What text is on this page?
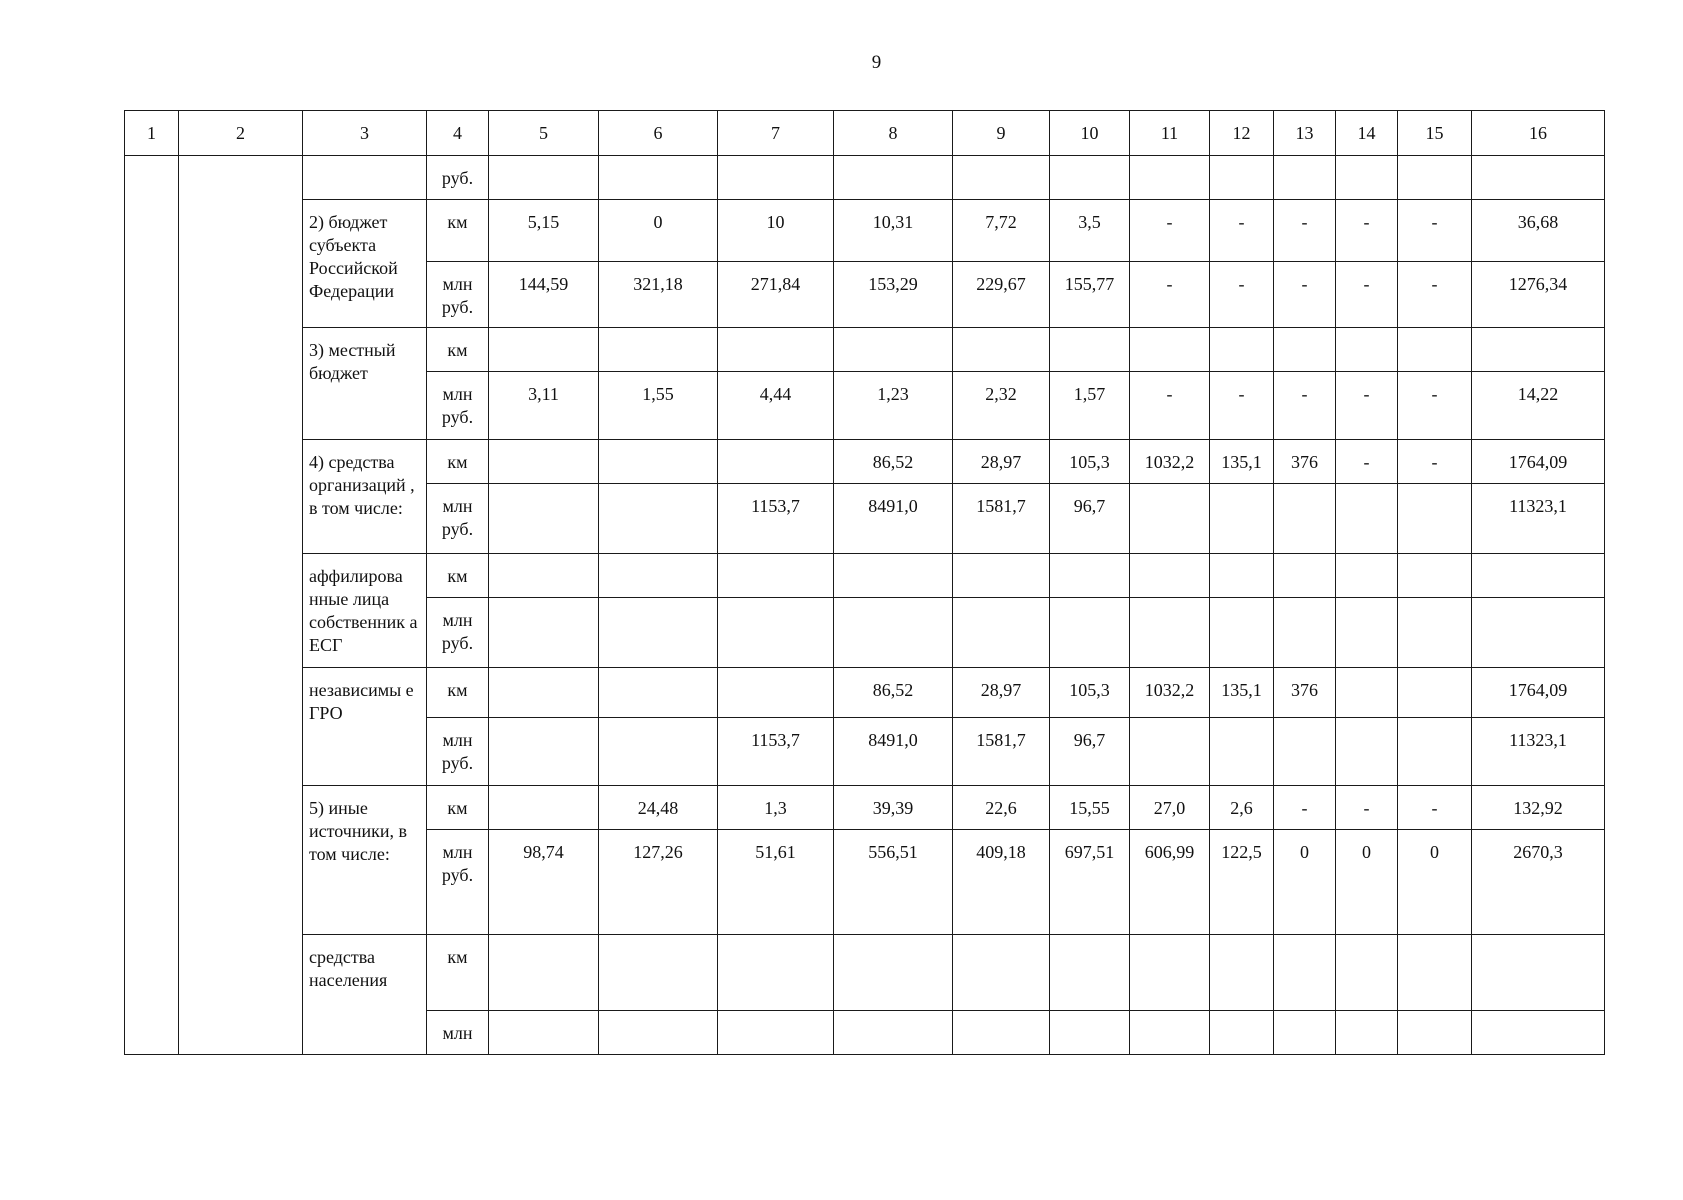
9
1	2	3	4	5	6	7	8	9	10	11	12	13	14	15	16
			руб.												
		2) бюджет субъекта Российской Федерации	км	5,15	0	10	10,31	7,72	3,5	-	-	-	-	-	36,68
			млн руб.	144,59	321,18	271,84	153,29	229,67	155,77	-	-	-	-	-	1276,34
		3) местный бюджет	км												
			млн руб.	3,11	1,55	4,44	1,23	2,32	1,57	-	-	-	-	-	14,22
		4) средства организаций , в том числе:	км				86,52	28,97	105,3	1032,2	135,1	376	-	-	1764,09
			млн руб.			1153,7	8491,0	1581,7	96,7						11323,1
		аффилирова нные лица собственник а ЕСГ	км												
			млн руб.												
		независимы е ГРО	км				86,52	28,97	105,3	1032,2	135,1	376			1764,09
			млн руб.			1153,7	8491,0	1581,7	96,7						11323,1
		5) иные источники, в том числе:	км		24,48	1,3	39,39	22,6	15,55	27,0	2,6	-	-	-	132,92
			млн руб.	98,74	127,26	51,61	556,51	409,18	697,51	606,99	122,5	0	0	0	2670,3
		средства населения	км												
			млн												
